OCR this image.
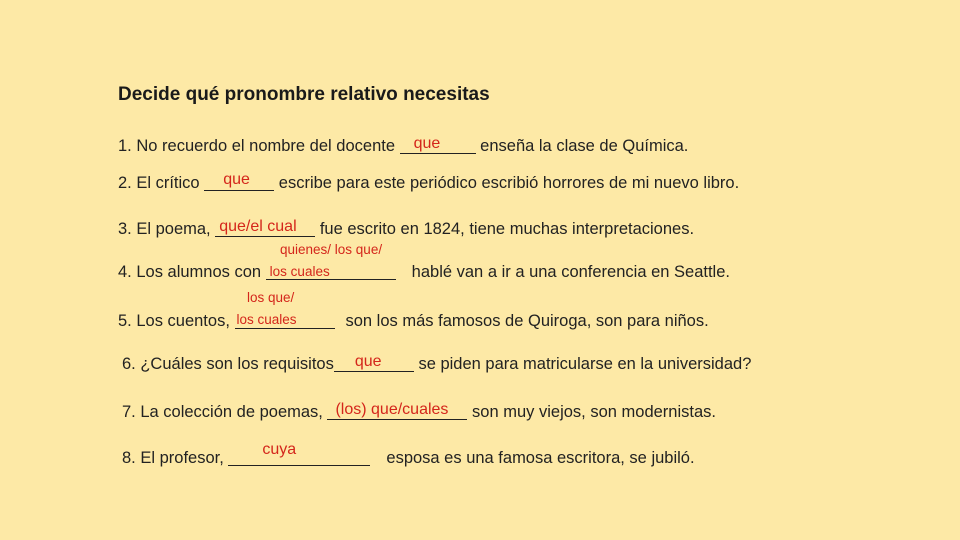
Decide qué pronombre relativo necesitas
1. No recuerdo el nombre del docente que enseña la clase de Química.
2. El crítico que escribe para este periódico escribió horrores de mi nuevo libro.
3. El poema, que/el cual fue escrito en 1824, tiene muchas interpretaciones.
quienes/ los que/
4. Los alumnos con los cuales	hablé van a ir a una conferencia en Seattle.
los que/
5. Los cuentos, los cuales	son los más famosos de Quiroga, son para niños.
6. ¿Cuáles son los requisitos que se piden para matricularse en la universidad?
7. La colección de poemas, (los) que/cuales son muy viejos, son modernistas.
8. El profesor, cuya	esposa es una famosa escritora, se jubiló.
